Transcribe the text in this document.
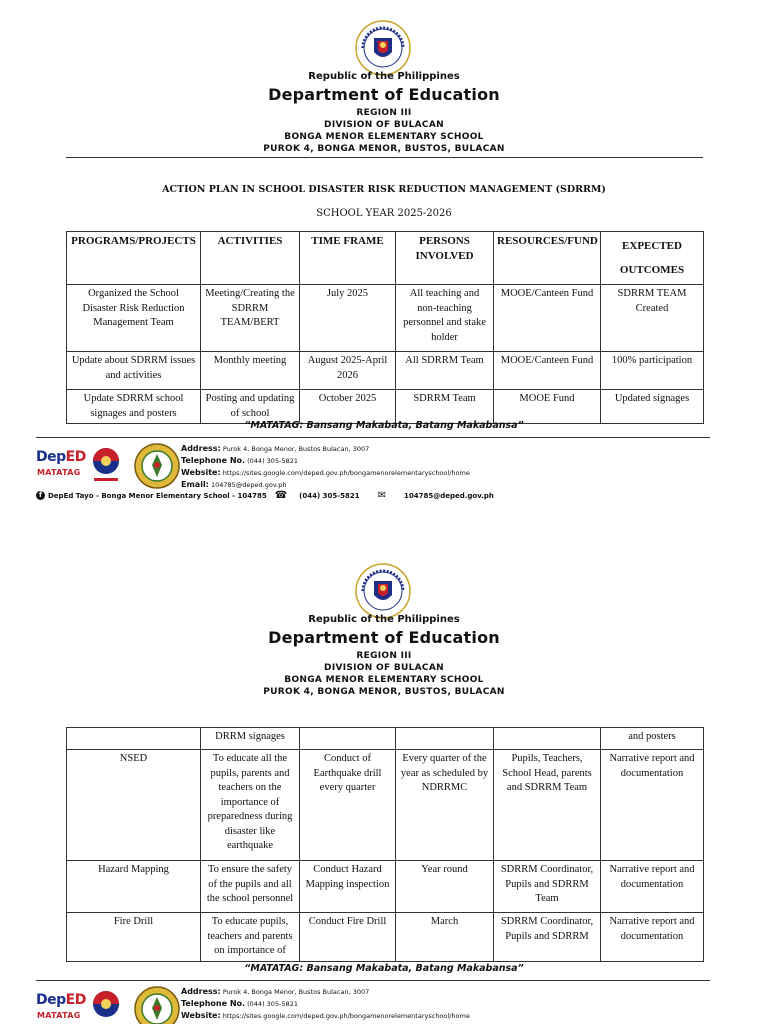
Republic of the Philippines
Department of Education
REGION III
DIVISION OF BULACAN
BONGA MENOR ELEMENTARY SCHOOL
PUROK 4, BONGA MENOR, BUSTOS, BULACAN
ACTION PLAN IN SCHOOL DISASTER RISK REDUCTION MANAGEMENT (SDRRM)
SCHOOL YEAR 2025-2026
PROGRAMS/PROJECTS	ACTIVITIES	TIME FRAME	PERSONS INVOLVED	RESOURCES/FUND	EXPECTED OUTCOMES
Organized the School Disaster Risk Reduction Management Team	Meeting/Creating the SDRRM TEAM/BERT	July 2025	All teaching and non-teaching personnel and stake holder	MOOE/Canteen Fund	SDRRM TEAM Created
Update about SDRRM issues and activities	Monthly meeting	August 2025-April 2026	All SDRRM Team	MOOE/Canteen Fund	100% participation
Update SDRRM school signages and posters	Posting and updating of school	October 2025	SDRRM Team	MOOE Fund	Updated signages
“MATATAG: Bansang Makabata, Batang Makabansa”
DepED
MATATAG
Address: Purok 4, Bonga Menor, Bustos Bulacan, 3007
Telephone No. (044) 305-5821
Website: https://sites.google.com/deped.gov.ph/bongamenorelementaryschool/home
Email: 104785@deped.gov.ph
f DepEd Tayo - Bonga Menor Elementary School - 104785 ☎ (044) 305-5821 ✉	104785@deped.gov.ph
Republic of the Philippines
Department of Education
REGION III
DIVISION OF BULACAN
BONGA MENOR ELEMENTARY SCHOOL
PUROK 4, BONGA MENOR, BUSTOS, BULACAN
	DRRM signages				and posters
NSED	To educate all the pupils, parents and teachers on the importance of preparedness during disaster like earthquake	Conduct of Earthquake drill every quarter	Every quarter of the year as scheduled by NDRRMC	Pupils, Teachers, School Head, parents and SDRRM Team	Narrative report and documentation
Hazard Mapping	To ensure the safety of the pupils and all the school personnel	Conduct Hazard Mapping inspection	Year round	SDRRM Coordinator, Pupils and SDRRM Team	Narrative report and documentation
Fire Drill	To educate pupils, teachers and parents on importance of	Conduct Fire Drill	March	SDRRM Coordinator, Pupils and SDRRM	Narrative report and documentation
“MATATAG: Bansang Makabata, Batang Makabansa”
DepED
MATATAG
Address: Purok 4, Bonga Menor, Bustos Bulacan, 3007
Telephone No. (044) 305-5821
Website: https://sites.google.com/deped.gov.ph/bongamenorelementaryschool/home
